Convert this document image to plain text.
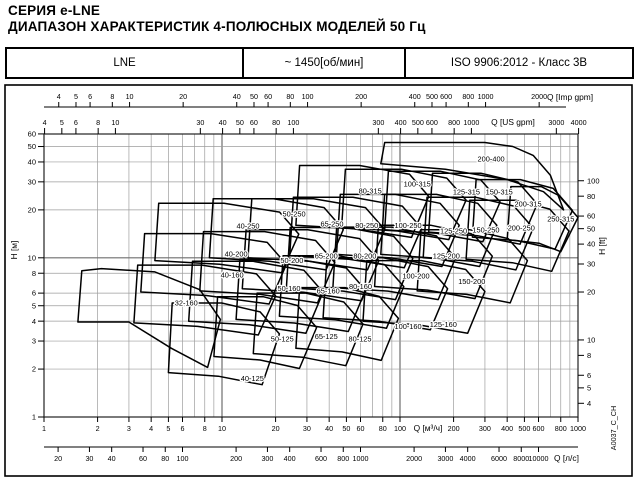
СЕРИЯ e-LNE
ДИАПАЗОН ХАРАКТЕРИСТИК 4-ПОЛЮСНЫХ МОДЕЛЕЙ 50 Гц
LNE	~ 1450[об/мин]	ISO 9906:2012 - Класс 3B
4 5 6	8 10	20	40 50 60 80 100	200	400 500 600 800 1000	2000 Q [Imp gpm]
4 5 6	8 10	30 40 50 60 80 100	300 400 500 600 800 1000	3000 4000
Q [US gpm]
1	2	3	4 5 6	8 10	20	30 40 50 60 80 100	200	300 400 500 600 800 1000
Q [м³/ч]
20	30 40	60 80 100	200	300 400	600 800 1000	2000 3000 4000 6000 8000 10000 Q [л/с]
1
2
3
4
5
6
8
10
20
30
40
50
60
H [м]
4
5
6
8
10
20
30
40
50
60
80
100
H [ft]
32-160
40-125
40-160
40-200
40-250
50-125
50-160
50-200
50-250
65-125
65-160
65-200
65-250
80-125
80-160
80-200
80-250
80-315
100-160
100-200
100-250
100-315
125-160
125-200
125-250
125-315
150-200
150-250
150-315
200-250
200-315
200-400
250-315
A0037_C_CH
